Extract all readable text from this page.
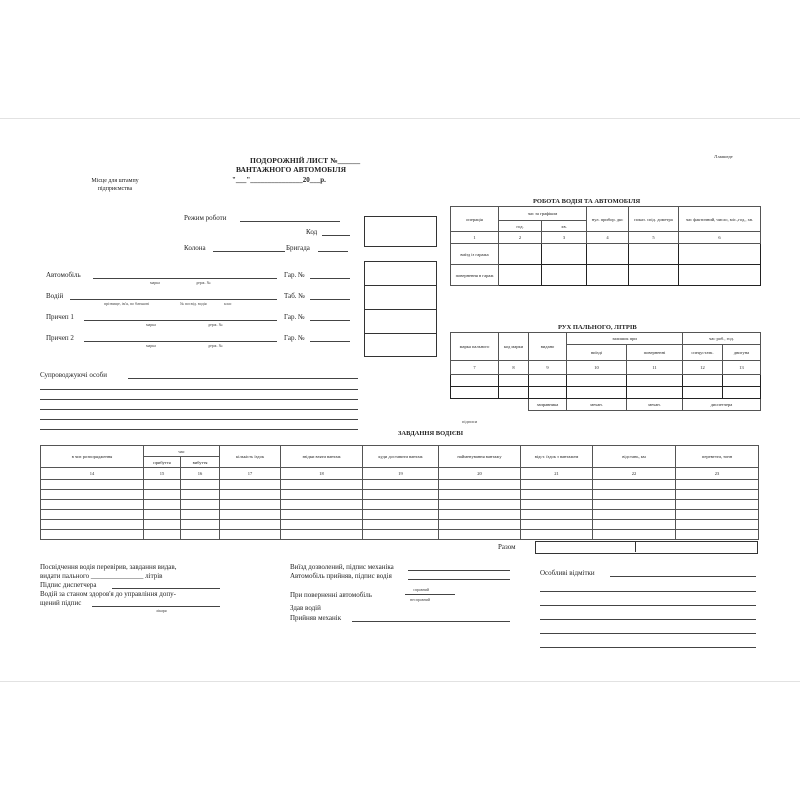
ПОДОРОЖНІЙ ЛИСТ №______
ВАНТАЖНОГО АВТОМОБІЛЯ
"___"_______________20___р.
Місце для штампу підприємства
Л.машеде
Режим роботи
Код
Колона	Бригада
Автомобіль
марка	держ. №
Гар. №
Водій
прізвище, ім'я, по батькові	№ посвід. водія	клас
Таб. №
Причеп 1
марка	держ. №
Гар. №
Причеп 2
марка	держ. №
Гар. №
Супроводжуючі особи
РОБОТА ВОДІЯ ТА АВТОМОБІЛЯ
операція	час за графіком		нул. прибор. дкс	показ. спід. дометра	час фактичний, число, міс.,год., хв.
	год.	хв.			
1	2	3	4	5	6
виїзд із гаража					
повернення в гараж					
РУХ ПАЛЬНОГО, ЛІТРІВ
марка пального	код марки	видано	залишок при		час роб., год.	
			виїзді	поверненні	спецустатк.	двигуна
7	8	9	10	11	12	13

		заправника	механ.	механ.	диспетчера	
підписи
ЗАВДАННЯ ВОДІЄВІ
в чиє розпорядження	час		кількість їздок	звідки взяти вантаж	куди доставити вантаж	найменування вантажу	відст. їздок з вантажем	відстань, км	перевезти, тонн
	прибуття	вибуття							
14	15	16	17	18	19	20	21	22	23

Разом
Посвідчення водія перевірив, завдання видав,
видати пального _______________ літрів
Підпис диспетчера
Водій за станом здоров'я до управління допу-
щений підпис
лікаря
Виїзд дозволений, підпис механіка
Автомобіль прийняв, підпис водія
При поверненні автомобіль
справний
несправний
Здав водій
Прийняв механік
Особливі відмітки
